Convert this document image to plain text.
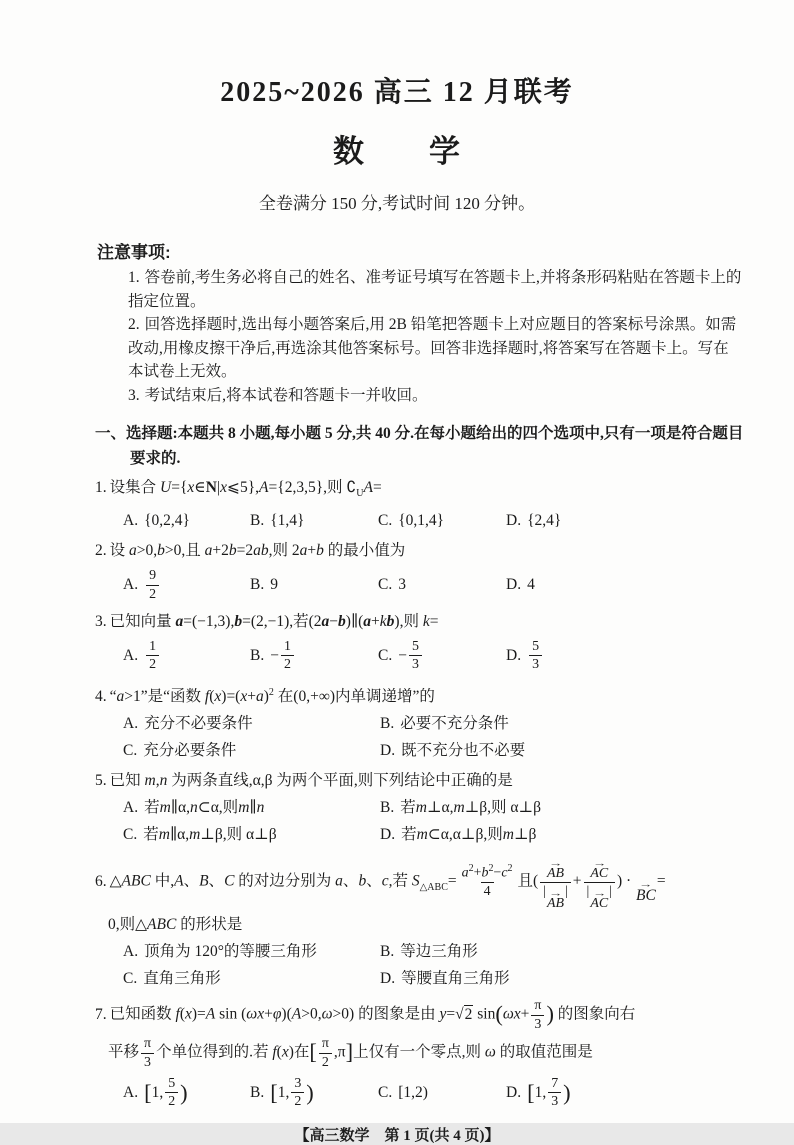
2025~2026 高三 12 月联考
数　　学

全卷满分 150 分,考试时间 120 分钟。

注意事项:
1. 答卷前,考生务必将自己的姓名、准考证号填写在答题卡上,并将条形码粘贴在答题卡上的指定位置。
2. 回答选择题时,选出每小题答案后,用 2B 铅笔把答题卡上对应题目的答案标号涂黑。如需改动,用橡皮擦干净后,再选涂其他答案标号。回答非选择题时,将答案写在答题卡上。写在本试卷上无效。
3. 考试结束后,将本试卷和答题卡一并收回。

一、选择题:本题共 8 小题,每小题 5 分,共 40 分.在每小题给出的四个选项中,只有一项是符合题目要求的.

1. 设集合 U={x∈N|x⩽5},A={2,3,5},则 $∁_UA=$
A. {0,2,4}	B. {1,4}	C. {0,1,4}	D. {2,4}
2. 设 a>0,b>0,且 a+2b=2ab,则 2a+b 的最小值为
A. $\frac{9}{2}$	B. 9	C. 3	D. 4
3. 已知向量 a=(−1,3),b=(2,−1),若(2a−b)∥(a+kb),则 k=
A. $\frac{1}{2}$	B. − $\frac{1}{2}$	C. − $\frac{5}{3}$	D. $\frac{5}{3}$
4. “a>1”是“函数 $f(x)=(x+a)^2$ 在(0,+∞)内单调递增”的
A. 充分不必要条件	B. 必要不充分条件
C. 充分必要条件	D. 既不充分也不必要
5. 已知 m,n 为两条直线,α,β 为两个平面,则下列结论中正确的是
A. 若 m ∥α, n ⊂α,则 m ∥ n	B. 若 m ⊥α, m ⊥β,则 α⊥β
C. 若 m ∥α, m ⊥β,则 α⊥β	D. 若 m ⊂α,α⊥β,则 m ⊥β
6. △ABC 中,A、B、C 的对边分别为 a、b、c,若 $S_{\triangle ABC}= \frac{a^2+b^2-c^2}{4}$ 且( →
AB
| →
AB
| + →
AC
| →
AC
| ) · →
BC
=
0,则△ABC 的形状是
A. 顶角为 120°的等腰三角形	B. 等边三角形
C. 直角三角形	D. 等腰直角三角形
7. 已知函数 f(x)=A sin (ωx+φ)(A>0,ω>0) 的图象是由 y=√2 $\sin(\omega x+ \frac{\pi}{3}$ ) 的图象向右
平移 $\frac{\pi}{3}$ 个单位得到的.若 f(x)在[ $\frac{\pi}{2} ,\pi$]上仅有一个零点,则 ω 的取值范围是
A. [ 1, $\frac{5}{2}$ )	B. [ 1, $\frac{3}{2}$ )	C. [1,2)	D. [ 1, $\frac{7}{3}$ )

【高三数学　第 1 页(共 4 页)】
